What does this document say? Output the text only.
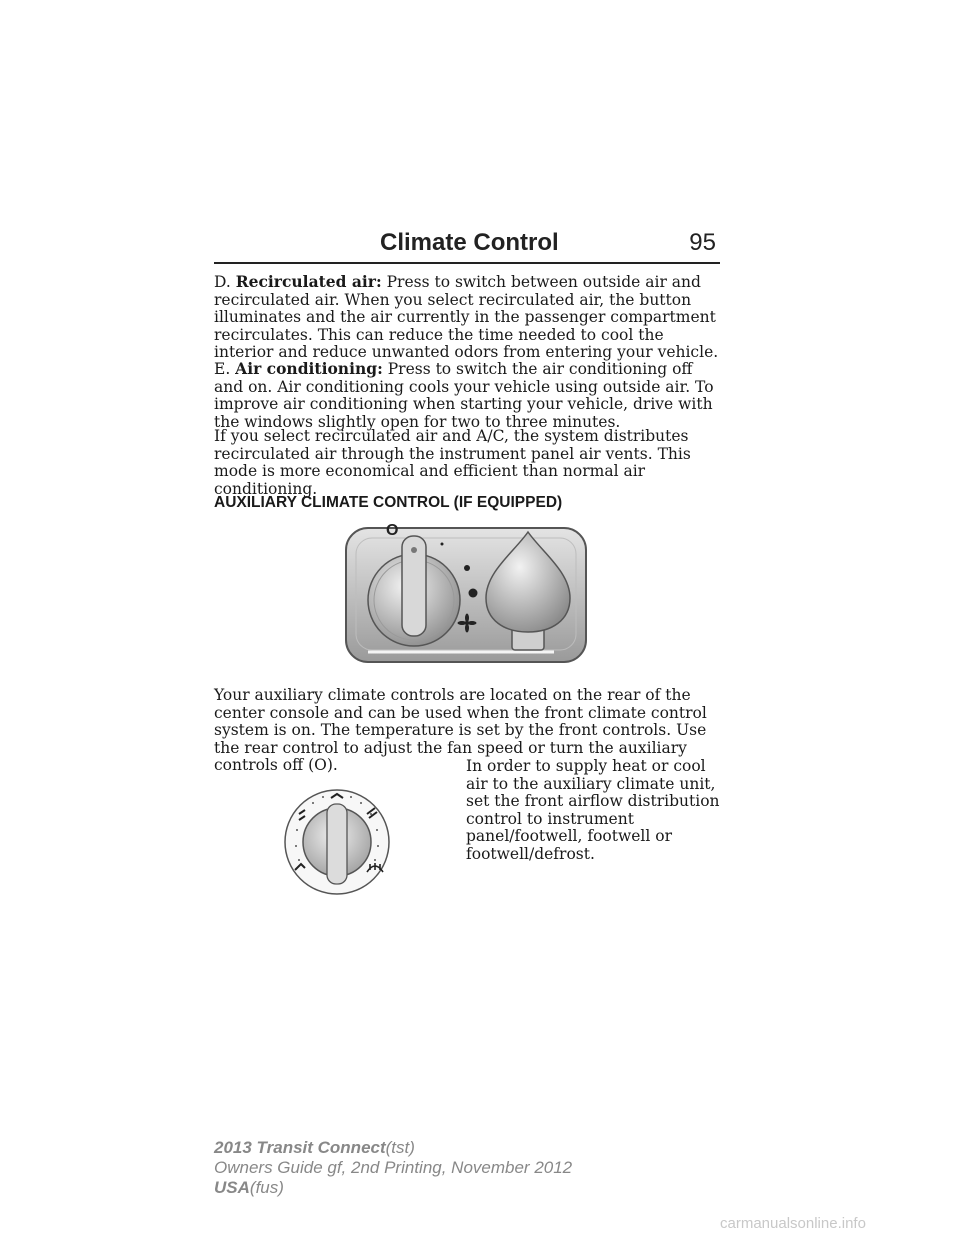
Climate Control	95

D. Recirculated air: Press to switch between outside air and recirculated air. When you select recirculated air, the button illuminates and the air currently in the passenger compartment recirculates. This can reduce the time needed to cool the interior and reduce unwanted odors from entering your vehicle.

E. Air conditioning: Press to switch the air conditioning off and on. Air conditioning cools your vehicle using outside air. To improve air conditioning when starting your vehicle, drive with the windows slightly open for two to three minutes.

If you select recirculated air and A/C, the system distributes recirculated air through the instrument panel air vents. This mode is more economical and efficient than normal air conditioning.

AUXILIARY CLIMATE CONTROL (IF EQUIPPED)
O

Your auxiliary climate controls are located on the rear of the center console and can be used when the front climate control system is on. The temperature is set by the front controls. Use the rear control to adjust the fan speed or turn the auxiliary controls off (O).	In order to supply heat or cool air to the auxiliary climate unit, set the front airflow distribution control to instrument panel/footwell, footwell or footwell/defrost.

2013 Transit Connect(tst)
Owners Guide gf, 2nd Printing, November 2012
USA(fus)
carmanualsonline.info
